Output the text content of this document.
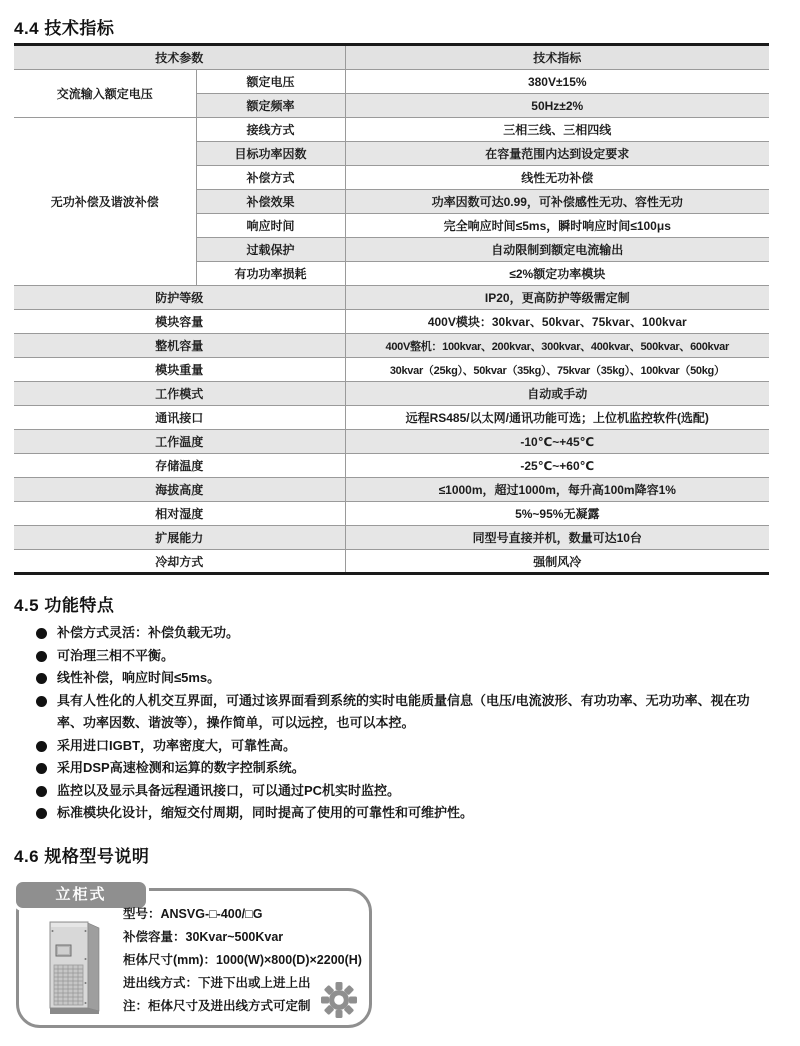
4.4 技术指标
技术参数		技术指标
交流输入额定电压	额定电压	380V±15%
	额定频率	50Hz±2%
无功补偿及谐波补偿	接线方式	三相三线、三相四线
	目标功率因数	在容量范围内达到设定要求
	补偿方式	线性无功补偿
	补偿效果	功率因数可达0.99，可补偿感性无功、容性无功
	响应时间	完全响应时间≤5ms，瞬时响应时间≤100μs
	过载保护	自动限制到额定电流输出
	有功功率损耗	≤2%额定功率模块
防护等级		IP20，更高防护等级需定制
模块容量		400V模块：30kvar、50kvar、75kvar、100kvar
整机容量		400V整机：100kvar、200kvar、300kvar、400kvar、500kvar、600kvar
模块重量		30kvar（25kg）、50kvar（35kg）、75kvar（35kg）、100kvar（50kg）
工作模式		自动或手动
通讯接口		远程RS485/以太网/通讯功能可选；上位机监控软件(选配)
工作温度		-10℃~+45℃
存储温度		-25℃~+60℃
海拔高度		≤1000m，超过1000m，每升高100m降容1%
相对湿度		5%~95%无凝露
扩展能力		同型号直接并机，数量可达10台
冷却方式		强制风冷
4.5 功能特点
补偿方式灵活：补偿负载无功。
可治理三相不平衡。
线性补偿，响应时间≤5ms。
具有人性化的人机交互界面，可通过该界面看到系统的实时电能质量信息（电压/电流波形、有功功率、无功功率、视在功率、功率因数、谐波等），操作简单，可以远控，也可以本控。
采用进口IGBT，功率密度大，可靠性高。
采用DSP高速检测和运算的数字控制系统。
监控以及显示具备远程通讯接口，可以通过PC机实时监控。
标准模块化设计，缩短交付周期，同时提高了使用的可靠性和可维护性。
4.6 规格型号说明
立柜式
型号：ANSVG-□-400/□G
补偿容量：30Kvar~500Kvar
柜体尺寸(mm)：1000(W)×800(D)×2200(H)
进出线方式：下进下出或上进上出
注：柜体尺寸及进出线方式可定制
